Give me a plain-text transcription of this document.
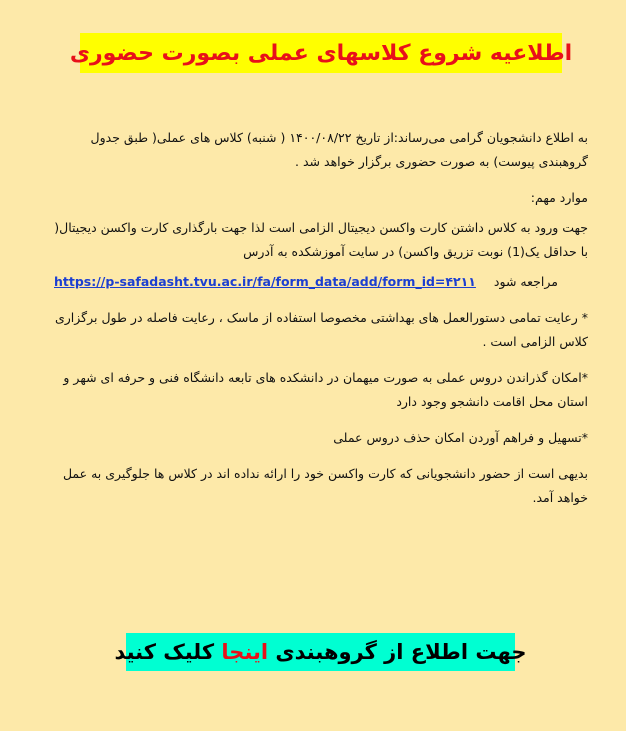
اطلاعیه شروع کلاسهای عملی بصورت حضوری

به اطلاع دانشجویان گرامی می‌رساند:از تاریخ ۱۴۰۰/۰۸/۲۲ ( شنبه) کلاس های عملی( طبق جدول گروهبندی پیوست) به صورت حضوری برگزار خواهد شد .

موارد مهم:

جهت ورود به کلاس داشتن کارت واکسن دیجیتال الزامی است لذا جهت بارگذاری کارت واکسن دیجیتال( با حداقل یک(1) نوبت تزریق واکسن) در سایت آموزشکده به آدرس

https://p-safadasht.tvu.ac.ir/fa/form_data/add/form_id=۴۲۱۱ مراجعه شود

* رعایت تمامی دستورالعمل های بهداشتی مخصوصا استفاده از ماسک ، رعایت فاصله در طول برگزاری کلاس الزامی است .

*امکان گذراندن دروس عملی به صورت میهمان در دانشکده های تابعه دانشگاه فنی و حرفه ای شهر و استان محل اقامت دانشجو وجود دارد

*تسهیل و فراهم آوردن امکان حذف دروس عملی

بدیهی است از حضور دانشجویانی که کارت واکسن خود را ارائه نداده اند در کلاس ها جلوگیری به عمل خواهد آمد.

جهت اطلاع از گروهبندی

اینجا

کلیک کنید
